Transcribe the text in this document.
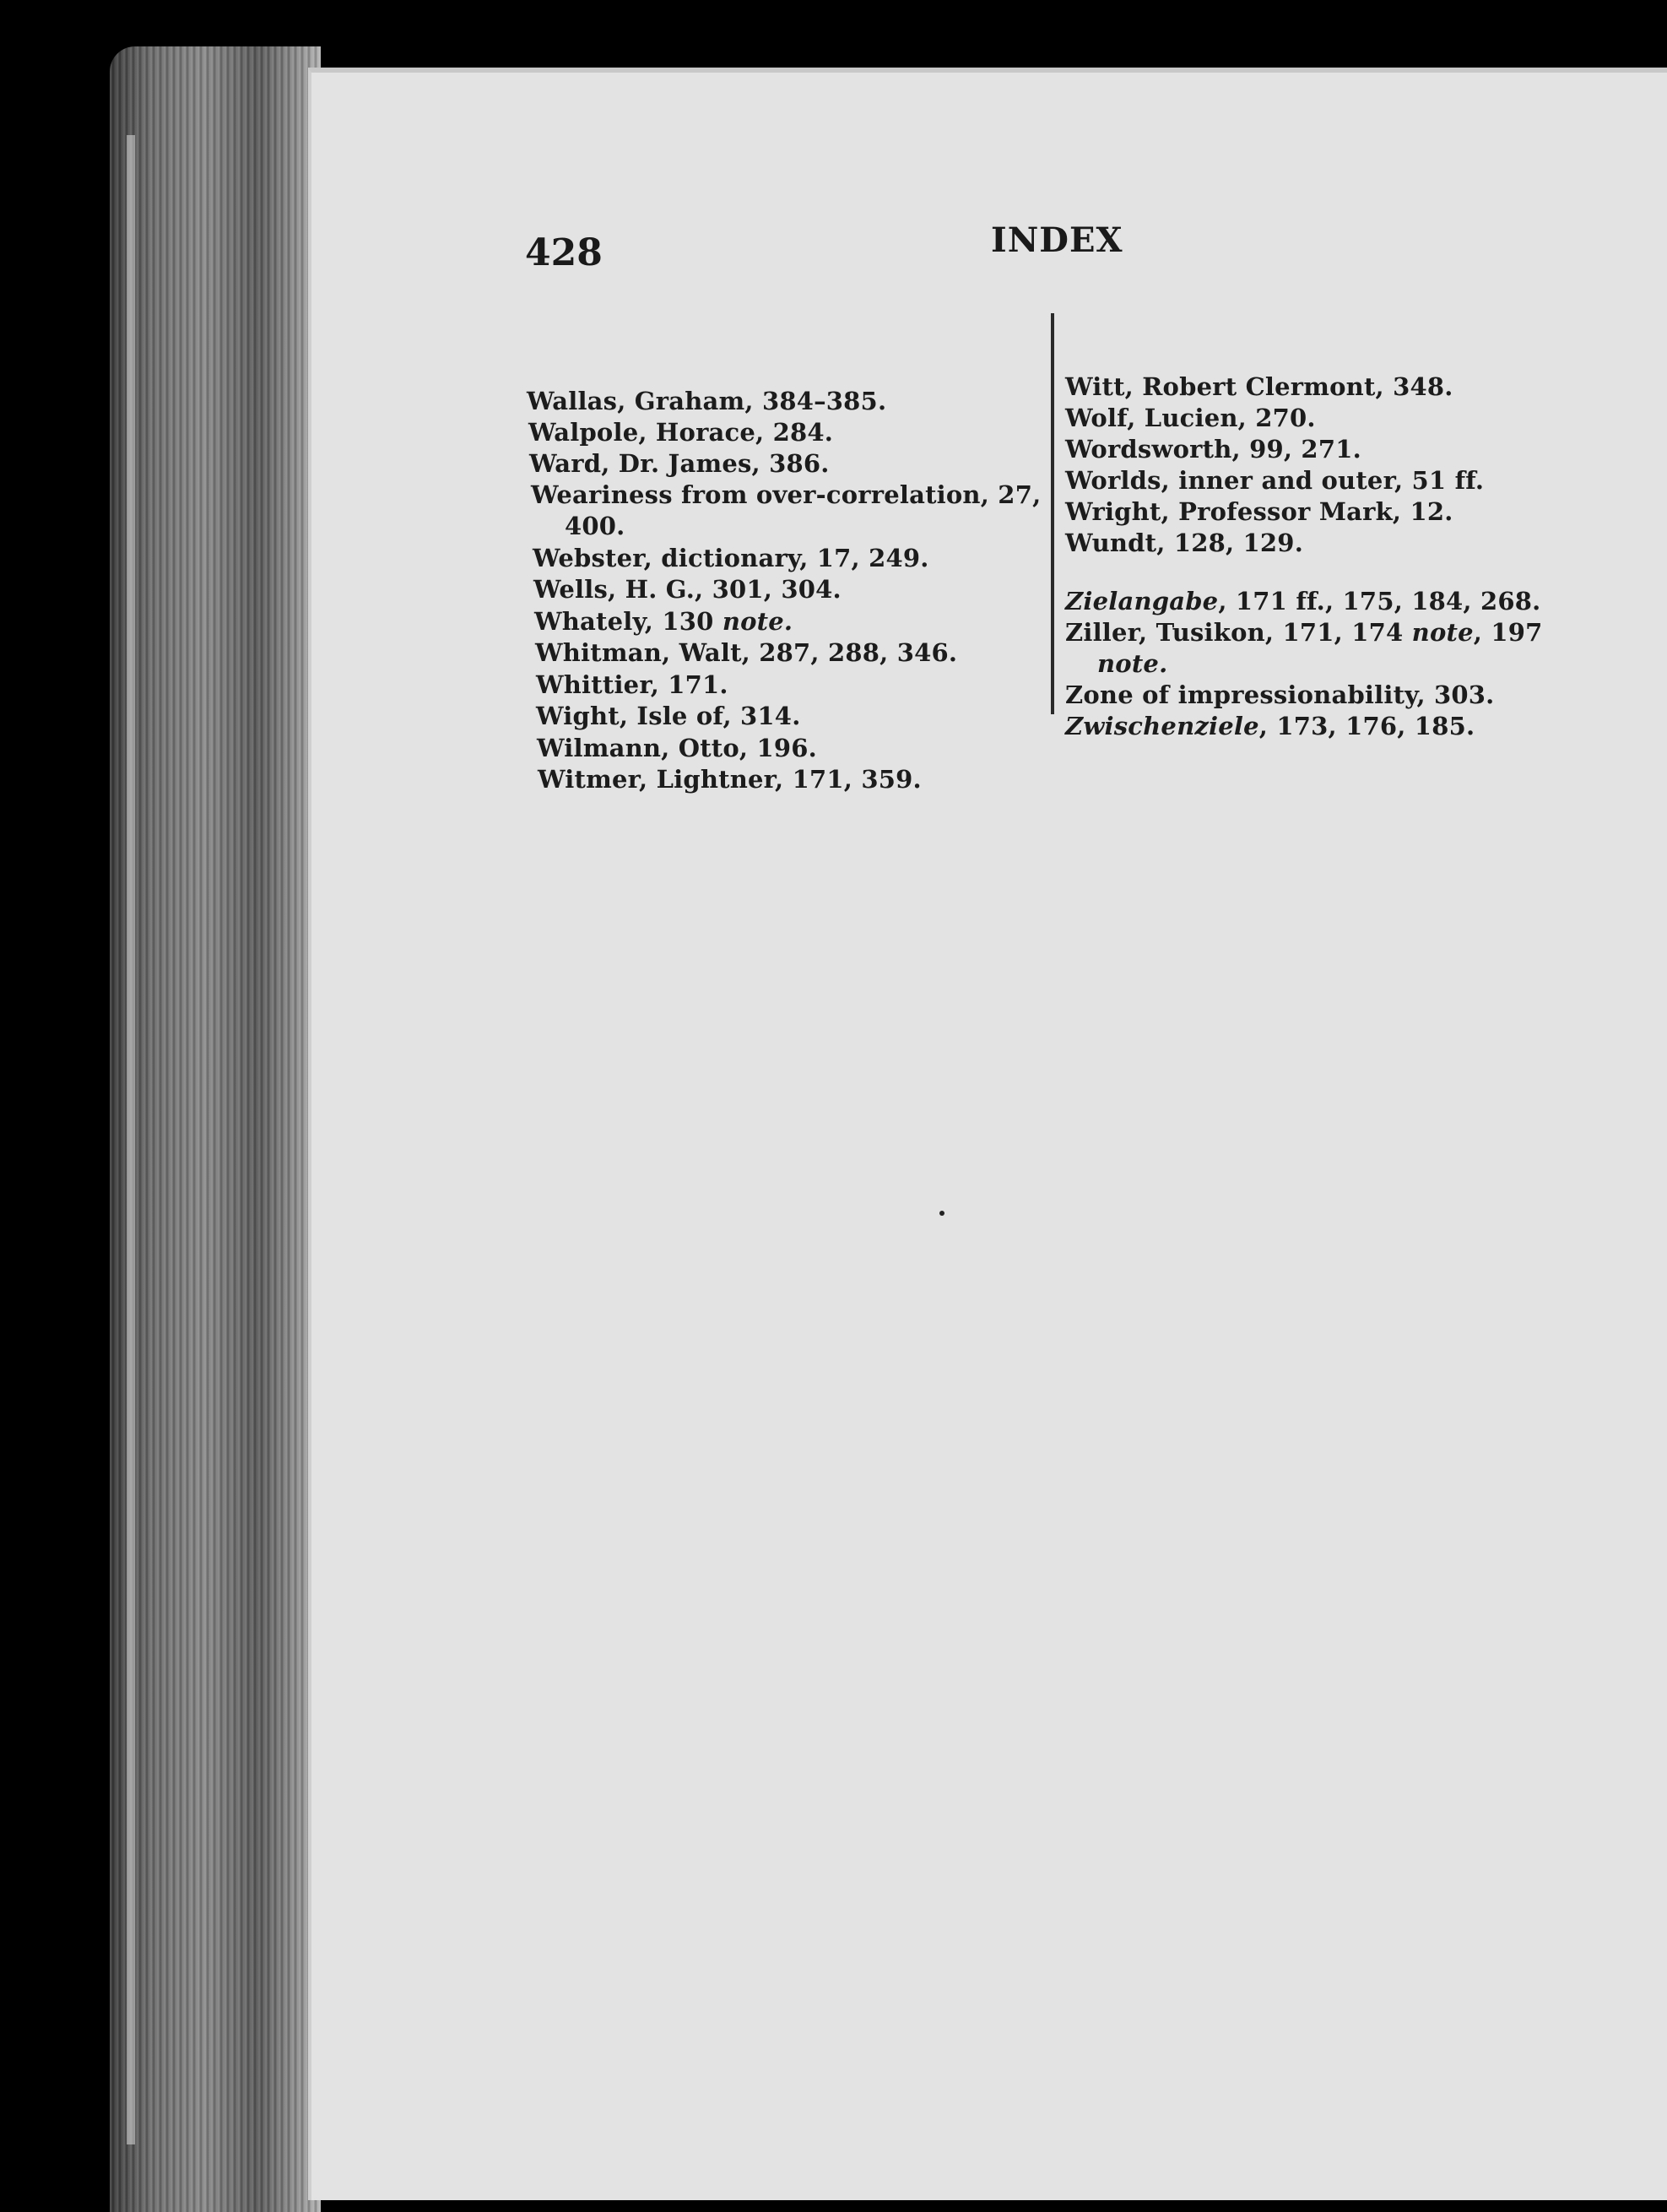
428	INDEX
Wallas, Graham, 384–385.
Walpole, Horace, 284.
Ward, Dr. James, 386.
Weariness from over-correlation, 27,
400.
Webster, dictionary, 17, 249.
Wells, H. G., 301, 304.
Whately, 130 note.
Whitman, Walt, 287, 288, 346.
Whittier, 171.
Wight, Isle of, 314.
Wilmann, Otto, 196.
Witmer, Lightner, 171, 359.
Witt, Robert Clermont, 348.
Wolf, Lucien, 270.
Wordsworth, 99, 271.
Worlds, inner and outer, 51 ff.
Wright, Professor Mark, 12.
Wundt, 128, 129.
Zielangabe, 171 ff., 175, 184, 268.
Ziller, Tusikon, 171, 174 note, 197
note.
Zone of impressionability, 303.
Zwischenziele, 173, 176, 185.
